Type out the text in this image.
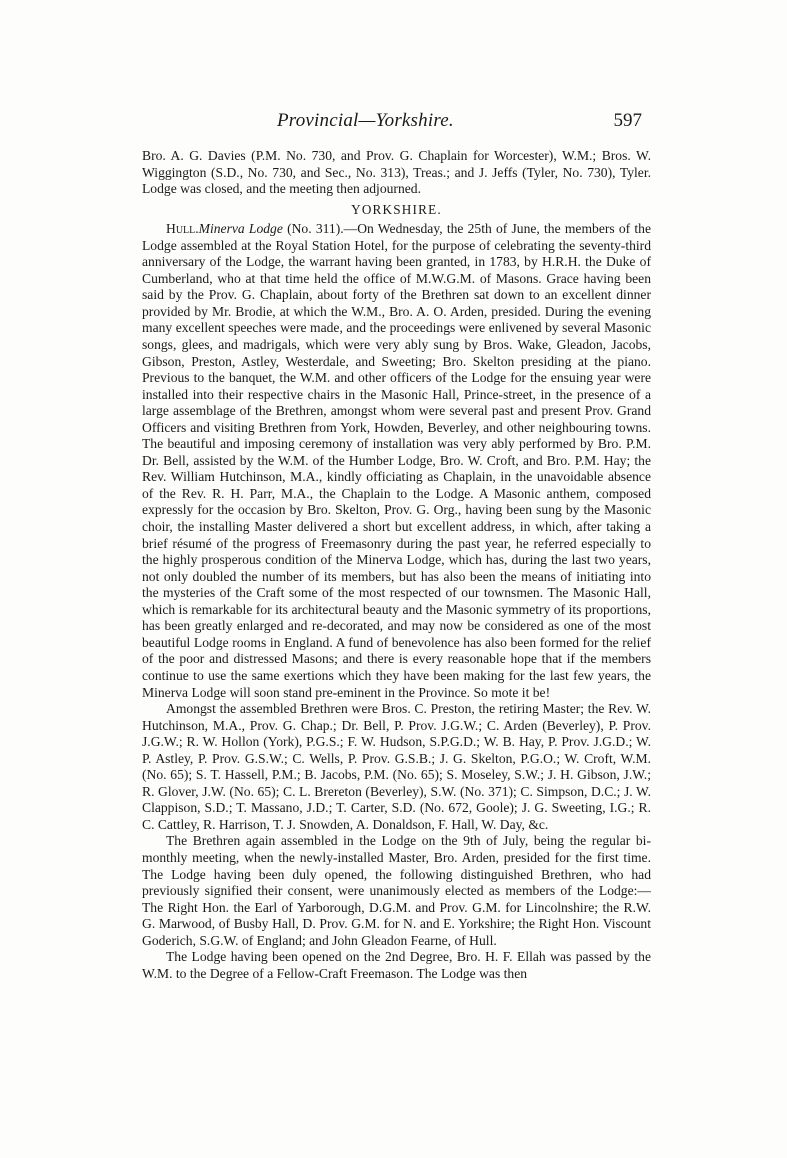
Provincial—Yorkshire.	597

Bro. A. G. Davies (P.M. No. 730, and Prov. G. Chaplain for Worcester), W.M.; Bros. W. Wiggington (S.D., No. 730, and Sec., No. 313), Treas.; and J. Jeffs (Tyler, No. 730), Tyler. Lodge was closed, and the meeting then adjourned.

YORKSHIRE.

Hull.Minerva Lodge (No. 311).—On Wednesday, the 25th of June, the members of the Lodge assembled at the Royal Station Hotel, for the purpose of celebrating the seventy-third anniversary of the Lodge, the warrant having been granted, in 1783, by H.R.H. the Duke of Cumberland, who at that time held the office of M.W.G.M. of Masons. Grace having been said by the Prov. G. Chaplain, about forty of the Brethren sat down to an excellent dinner provided by Mr. Brodie, at which the W.M., Bro. A. O. Arden, presided. During the evening many excellent speeches were made, and the proceedings were enlivened by several Masonic songs, glees, and madrigals, which were very ably sung by Bros. Wake, Gleadon, Jacobs, Gibson, Preston, Astley, Westerdale, and Sweeting; Bro. Skelton presiding at the piano. Previous to the banquet, the W.M. and other officers of the Lodge for the ensuing year were installed into their respective chairs in the Masonic Hall, Prince-street, in the presence of a large assemblage of the Brethren, amongst whom were several past and present Prov. Grand Officers and visiting Brethren from York, Howden, Beverley, and other neighbouring towns. The beautiful and imposing ceremony of installation was very ably performed by Bro. P.M. Dr. Bell, assisted by the W.M. of the Humber Lodge, Bro. W. Croft, and Bro. P.M. Hay; the Rev. William Hutchinson, M.A., kindly officiating as Chaplain, in the unavoidable absence of the Rev. R. H. Parr, M.A., the Chaplain to the Lodge. A Masonic anthem, composed expressly for the occasion by Bro. Skelton, Prov. G. Org., having been sung by the Masonic choir, the installing Master delivered a short but excellent address, in which, after taking a brief résumé of the progress of Freemasonry during the past year, he referred especially to the highly prosperous condition of the Minerva Lodge, which has, during the last two years, not only doubled the number of its members, but has also been the means of initiating into the mysteries of the Craft some of the most respected of our townsmen. The Masonic Hall, which is remarkable for its architectural beauty and the Masonic symmetry of its proportions, has been greatly enlarged and re-decorated, and may now be considered as one of the most beautiful Lodge rooms in England. A fund of benevolence has also been formed for the relief of the poor and distressed Masons; and there is every reasonable hope that if the members continue to use the same exertions which they have been making for the last few years, the Minerva Lodge will soon stand pre-eminent in the Province. So mote it be!

Amongst the assembled Brethren were Bros. C. Preston, the retiring Master; the Rev. W. Hutchinson, M.A., Prov. G. Chap.; Dr. Bell, P. Prov. J.G.W.; C. Arden (Beverley), P. Prov. J.G.W.; R. W. Hollon (York), P.G.S.; F. W. Hudson, S.P.G.D.; W. B. Hay, P. Prov. J.G.D.; W. P. Astley, P. Prov. G.S.W.; C. Wells, P. Prov. G.S.B.; J. G. Skelton, P.G.O.; W. Croft, W.M. (No. 65); S. T. Hassell, P.M.; B. Jacobs, P.M. (No. 65); S. Moseley, S.W.; J. H. Gibson, J.W.; R. Glover, J.W. (No. 65); C. L. Brereton (Beverley), S.W. (No. 371); C. Simpson, D.C.; J. W. Clappison, S.D.; T. Massano, J.D.; T. Carter, S.D. (No. 672, Goole); J. G. Sweeting, I.G.; R. C. Cattley, R. Harrison, T. J. Snowden, A. Donaldson, F. Hall, W. Day, &c.

The Brethren again assembled in the Lodge on the 9th of July, being the regular bi-monthly meeting, when the newly-installed Master, Bro. Arden, presided for the first time. The Lodge having been duly opened, the following distinguished Brethren, who had previously signified their consent, were unanimously elected as members of the Lodge:—The Right Hon. the Earl of Yarborough, D.G.M. and Prov. G.M. for Lincolnshire; the R.W. G. Marwood, of Busby Hall, D. Prov. G.M. for N. and E. Yorkshire; the Right Hon. Viscount Goderich, S.G.W. of England; and John Gleadon Fearne, of Hull.

The Lodge having been opened on the 2nd Degree, Bro. H. F. Ellah was passed by the W.M. to the Degree of a Fellow-Craft Freemason. The Lodge was then
